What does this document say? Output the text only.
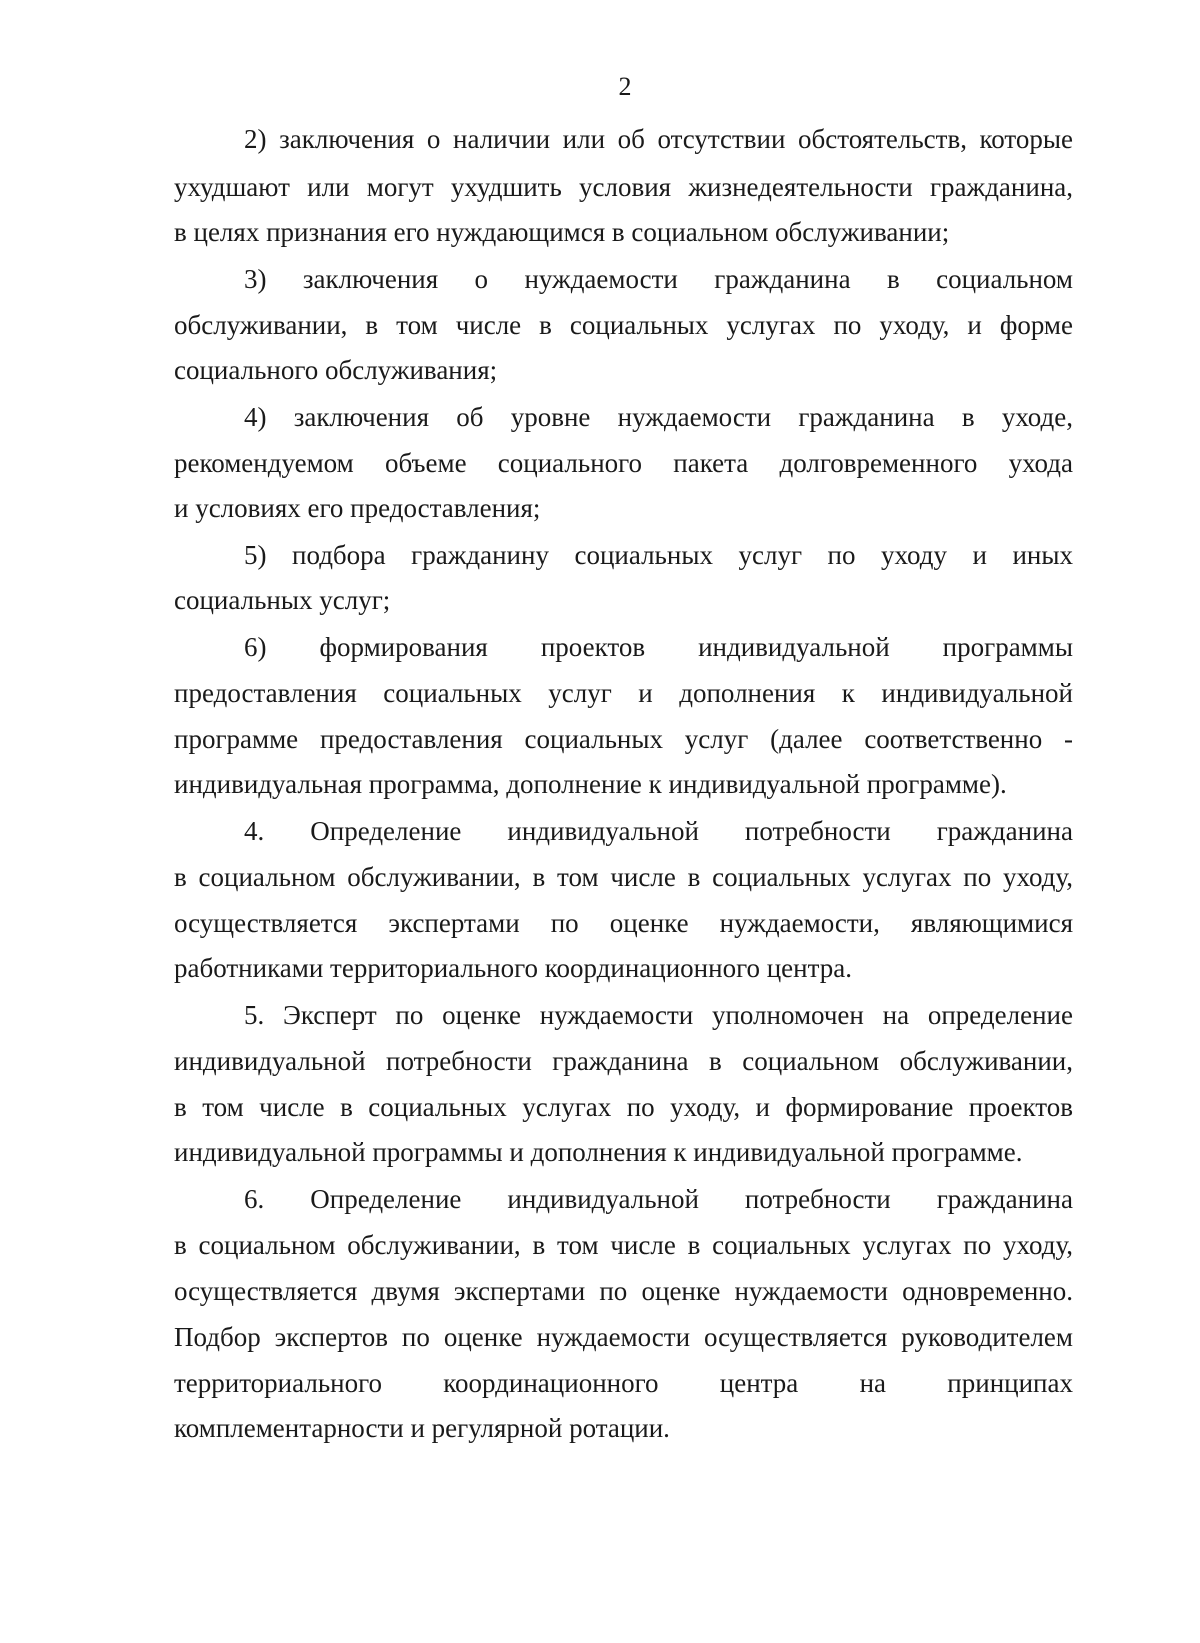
2
2) заключения о наличии или об отсутствии обстоятельств, которые
ухудшают или могут ухудшить условия жизнедеятельности гражданина,
в целях признания его нуждающимся в социальном обслуживании;
3) заключения о нуждаемости гражданина в социальном
обслуживании, в том числе в социальных услугах по уходу, и форме
социального обслуживания;
4) заключения об уровне нуждаемости гражданина в уходе,
рекомендуемом объеме социального пакета долговременного ухода
и условиях его предоставления;
5) подбора гражданину социальных услуг по уходу и иных
социальных услуг;
6) формирования проектов индивидуальной программы
предоставления социальных услуг и дополнения к индивидуальной
программе предоставления социальных услуг (далее соответственно -
индивидуальная программа, дополнение к индивидуальной программе).
4. Определение индивидуальной потребности гражданина
в социальном обслуживании, в том числе в социальных услугах по уходу,
осуществляется экспертами по оценке нуждаемости, являющимися
работниками территориального координационного центра.
5. Эксперт по оценке нуждаемости уполномочен на определение
индивидуальной потребности гражданина в социальном обслуживании,
в том числе в социальных услугах по уходу, и формирование проектов
индивидуальной программы и дополнения к индивидуальной программе.
6. Определение индивидуальной потребности гражданина
в социальном обслуживании, в том числе в социальных услугах по уходу,
осуществляется двумя экспертами по оценке нуждаемости одновременно.
Подбор экспертов по оценке нуждаемости осуществляется руководителем
территориального координационного центра на принципах
комплементарности и регулярной ротации.
